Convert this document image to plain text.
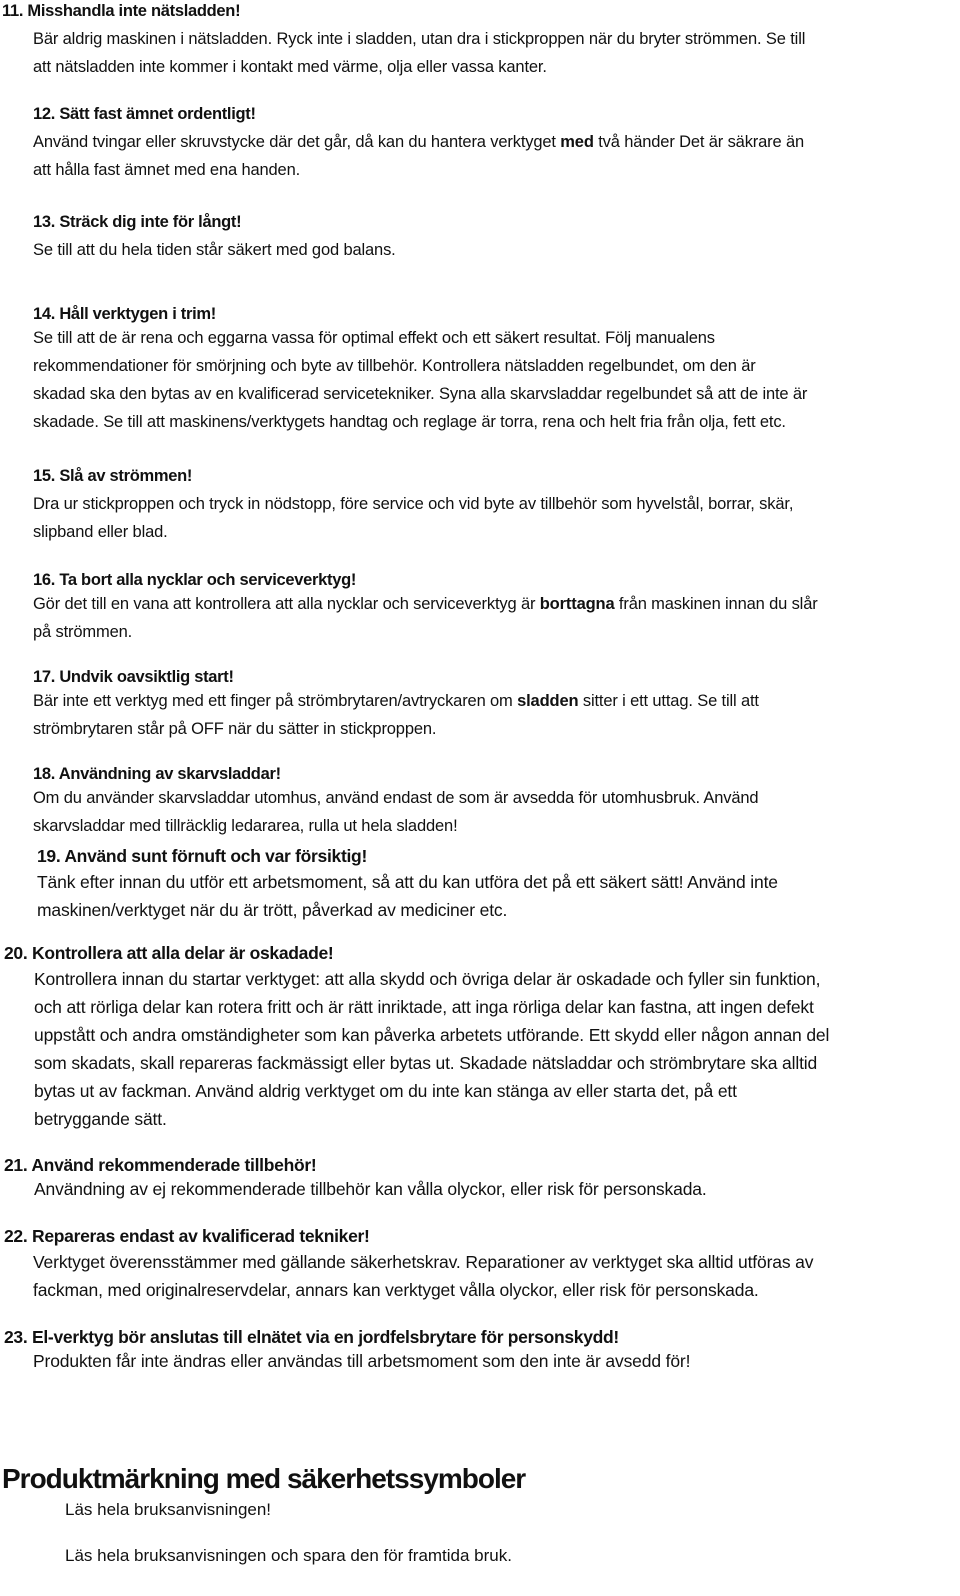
11. Misshandla inte nätsladden!
Bär aldrig maskinen i nätsladden. Ryck inte i sladden, utan dra i stickproppen när du bryter strömmen. Se till
att nätsladden inte kommer i kontakt med värme, olja eller vassa kanter.
12. Sätt fast ämnet ordentligt!
Använd tvingar eller skruvstycke där det går, då kan du hantera verktyget med två händer Det är säkrare än
att hålla fast ämnet med ena handen.
13. Sträck dig inte för långt!
Se till att du hela tiden står säkert med god balans.
14. Håll verktygen i trim!
Se till att de är rena och eggarna vassa för optimal effekt och ett säkert resultat. Följ manualens
rekommendationer för smörjning och byte av tillbehör. Kontrollera nätsladden regelbundet, om den är
skadad ska den bytas av en kvalificerad servicetekniker. Syna alla skarvsladdar regelbundet så att de inte är
skadade. Se till att maskinens/verktygets handtag och reglage är torra, rena och helt fria från olja, fett etc.
15. Slå av strömmen!
Dra ur stickproppen och tryck in nödstopp, före service och vid byte av tillbehör som hyvelstål, borrar, skär,
slipband eller blad.
16. Ta bort alla nycklar och serviceverktyg!
Gör det till en vana att kontrollera att alla nycklar och serviceverktyg är borttagna från maskinen innan du slår
på strömmen.
17. Undvik oavsiktlig start!
Bär inte ett verktyg med ett finger på strömbrytaren/avtryckaren om sladden sitter i ett uttag. Se till att
strömbrytaren står på OFF när du sätter in stickproppen.
18. Användning av skarvsladdar!
Om du använder skarvsladdar utomhus, använd endast de som är avsedda för utomhusbruk. Använd
skarvsladdar med tillräcklig ledararea, rulla ut hela sladden!
19. Använd sunt förnuft och var försiktig!
Tänk efter innan du utför ett arbetsmoment, så att du kan utföra det på ett säkert sätt! Använd inte
maskinen/verktyget när du är trött, påverkad av mediciner etc.
20. Kontrollera att alla delar är oskadade!
Kontrollera innan du startar verktyget: att alla skydd och övriga delar är oskadade och fyller sin funktion,
och att rörliga delar kan rotera fritt och är rätt inriktade, att inga rörliga delar kan fastna, att ingen defekt
uppstått och andra omständigheter som kan påverka arbetets utförande. Ett skydd eller någon annan del
som skadats, skall repareras fackmässigt eller bytas ut. Skadade nätsladdar och strömbrytare ska alltid
bytas ut av fackman. Använd aldrig verktyget om du inte kan stänga av eller starta det, på ett
betryggande sätt.
21. Använd rekommenderade tillbehör!
Användning av ej rekommenderade tillbehör kan vålla olyckor, eller risk för personskada.
22. Repareras endast av kvalificerad tekniker!
Verktyget överensstämmer med gällande säkerhetskrav. Reparationer av verktyget ska alltid utföras av
fackman, med originalreservdelar, annars kan verktyget vålla olyckor, eller risk för personskada.
23. El-verktyg bör anslutas till elnätet via en jordfelsbrytare för personskydd!
Produkten får inte ändras eller användas till arbetsmoment som den inte är avsedd för!
Produktmärkning med säkerhetssymboler
Läs hela bruksanvisningen!
Läs hela bruksanvisningen och spara den för framtida bruk.
